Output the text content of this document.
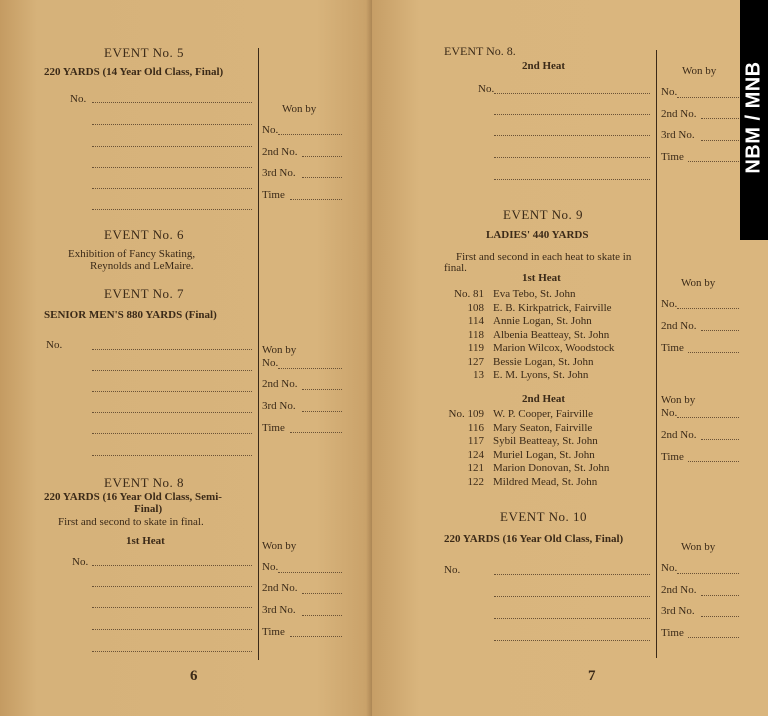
EVENT No. 5
220 YARDS (14 Year Old Class, Final)
No.
Won by
No.
2nd No.
3rd No.
Time
EVENT No. 6
Exhibition of Fancy Skating,
Reynolds and LeMaire.
EVENT No. 7
SENIOR MEN'S 880 YARDS (Final)
No.	Won by
No.
2nd No.
3rd No.
Time
EVENT No. 8
220 YARDS (16 Year Old Class, Semi-
Final)
First and second to skate in final.
1st Heat
No.
Won by
No.
2nd No.
3rd No.
Time
6
EVENT No. 8.
2nd Heat
No.
Won by
No.
2nd No.
3rd No.
Time
EVENT No. 9
LADIES' 440 YARDS
First and second in each heat to skate in
final.
1st Heat
No. 81 Eva Tebo, St. John
108 E. B. Kirkpatrick, Fairville
114 Annie Logan, St. John
118 Albenia Beatteay, St. John
119 Marion Wilcox, Woodstock
127 Bessie Logan, St. John
13 E. M. Lyons, St. John
2nd Heat
No. 109 W. P. Cooper, Fairville
116 Mary Seaton, Fairville
117 Sybil Beatteay, St. John
124 Muriel Logan, St. John
121 Marion Donovan, St. John
122 Mildred Mead, St. John
Won by
No.
2nd No.
Time
Won by
No.
2nd No.
Time
EVENT No. 10
220 YARDS (16 Year Old Class, Final)
No.
Won by
No.
2nd No.
3rd No.
Time
7
NBM / MNB
